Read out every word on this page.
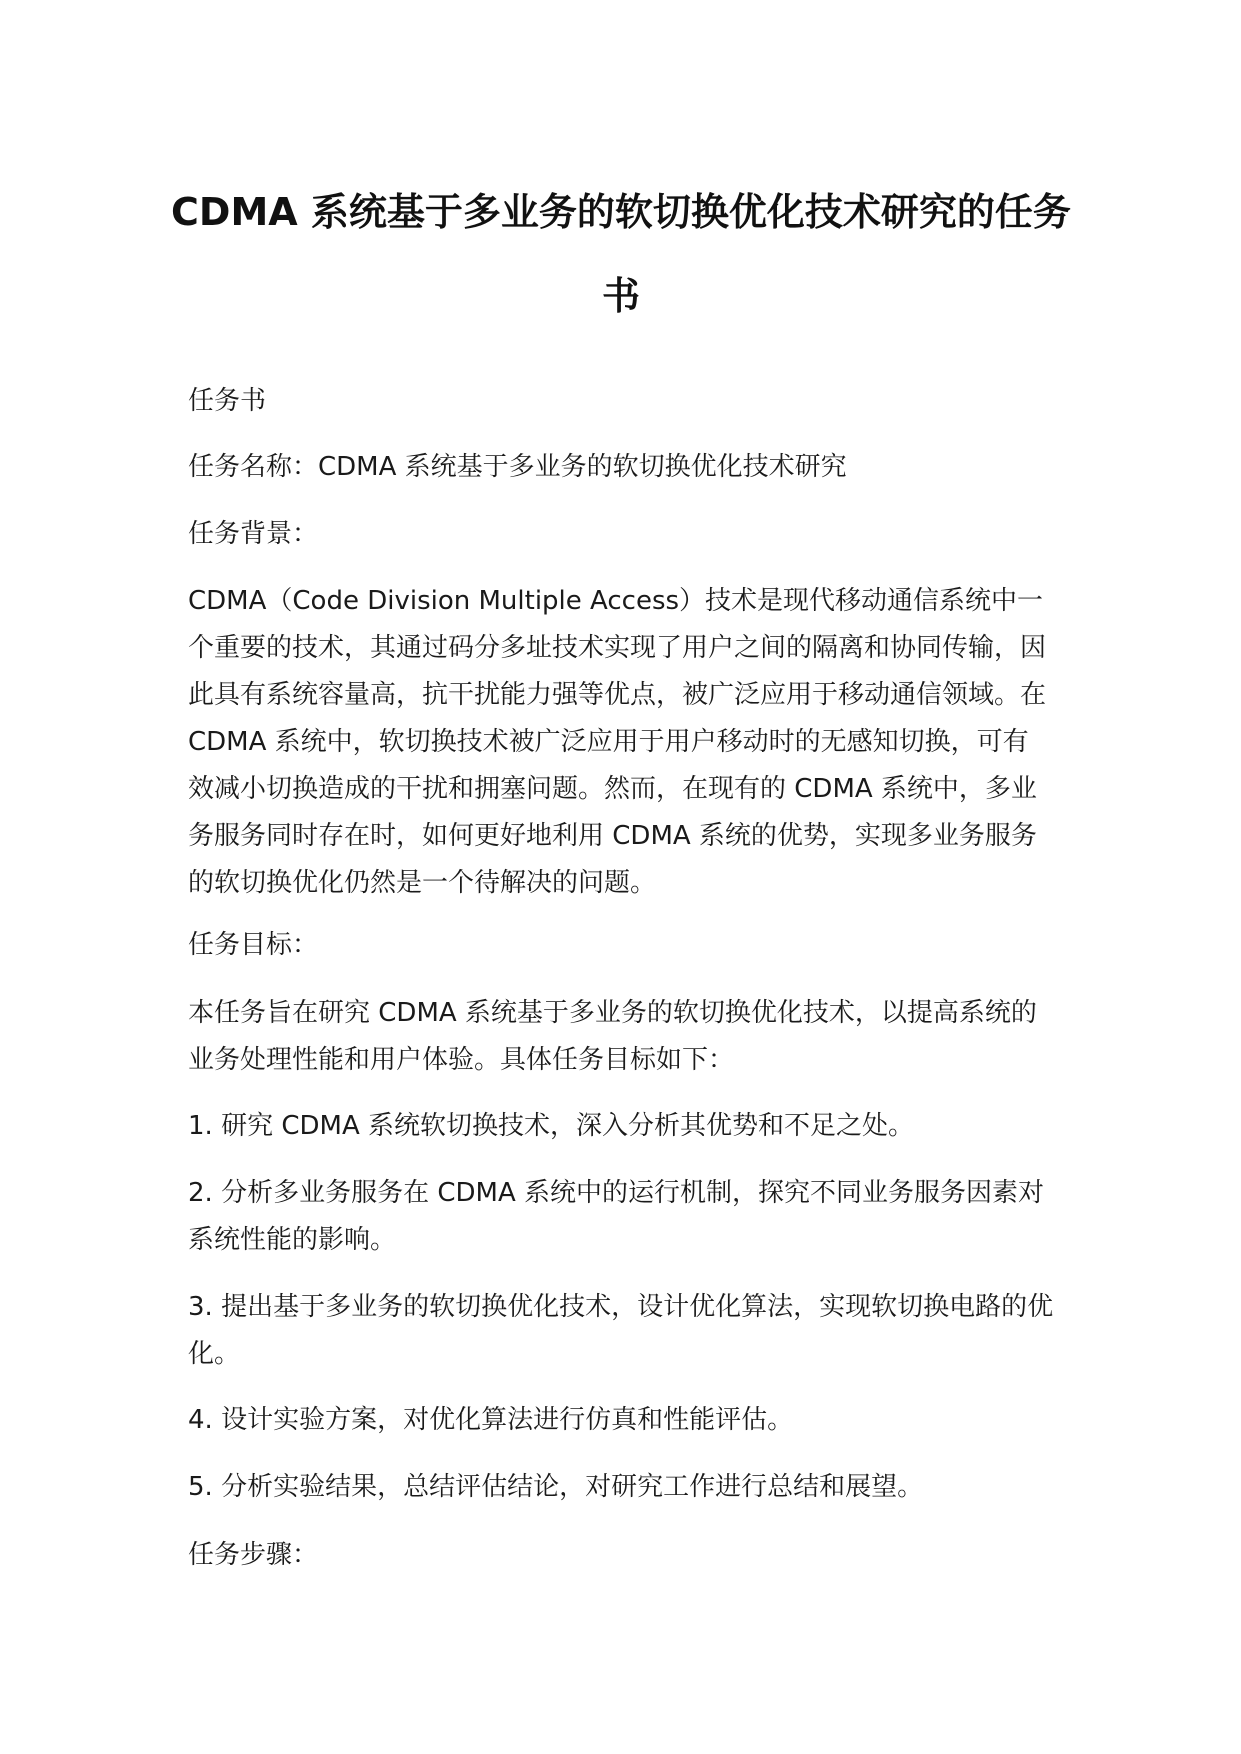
CDMA 系统基于多业务的软切换优化技术研究的任务书

任务书

任务名称：CDMA 系统基于多业务的软切换优化技术研究

任务背景：

CDMA（Code Division Multiple Access）技术是现代移动通信系统中一个重要的技术，其通过码分多址技术实现了用户之间的隔离和协同传输，因此具有系统容量高，抗干扰能力强等优点，被广泛应用于移动通信领域。在 CDMA 系统中，软切换技术被广泛应用于用户移动时的无感知切换，可有效减小切换造成的干扰和拥塞问题。然而，在现有的 CDMA 系统中，多业务服务同时存在时，如何更好地利用 CDMA 系统的优势，实现多业务服务的软切换优化仍然是一个待解决的问题。

任务目标：

本任务旨在研究 CDMA 系统基于多业务的软切换优化技术，以提高系统的业务处理性能和用户体验。具体任务目标如下：

1. 研究 CDMA 系统软切换技术，深入分析其优势和不足之处。

2. 分析多业务服务在 CDMA 系统中的运行机制，探究不同业务服务因素对系统性能的影响。

3. 提出基于多业务的软切换优化技术，设计优化算法，实现软切换电路的优化。

4. 设计实验方案，对优化算法进行仿真和性能评估。

5. 分析实验结果，总结评估结论，对研究工作进行总结和展望。

任务步骤：
